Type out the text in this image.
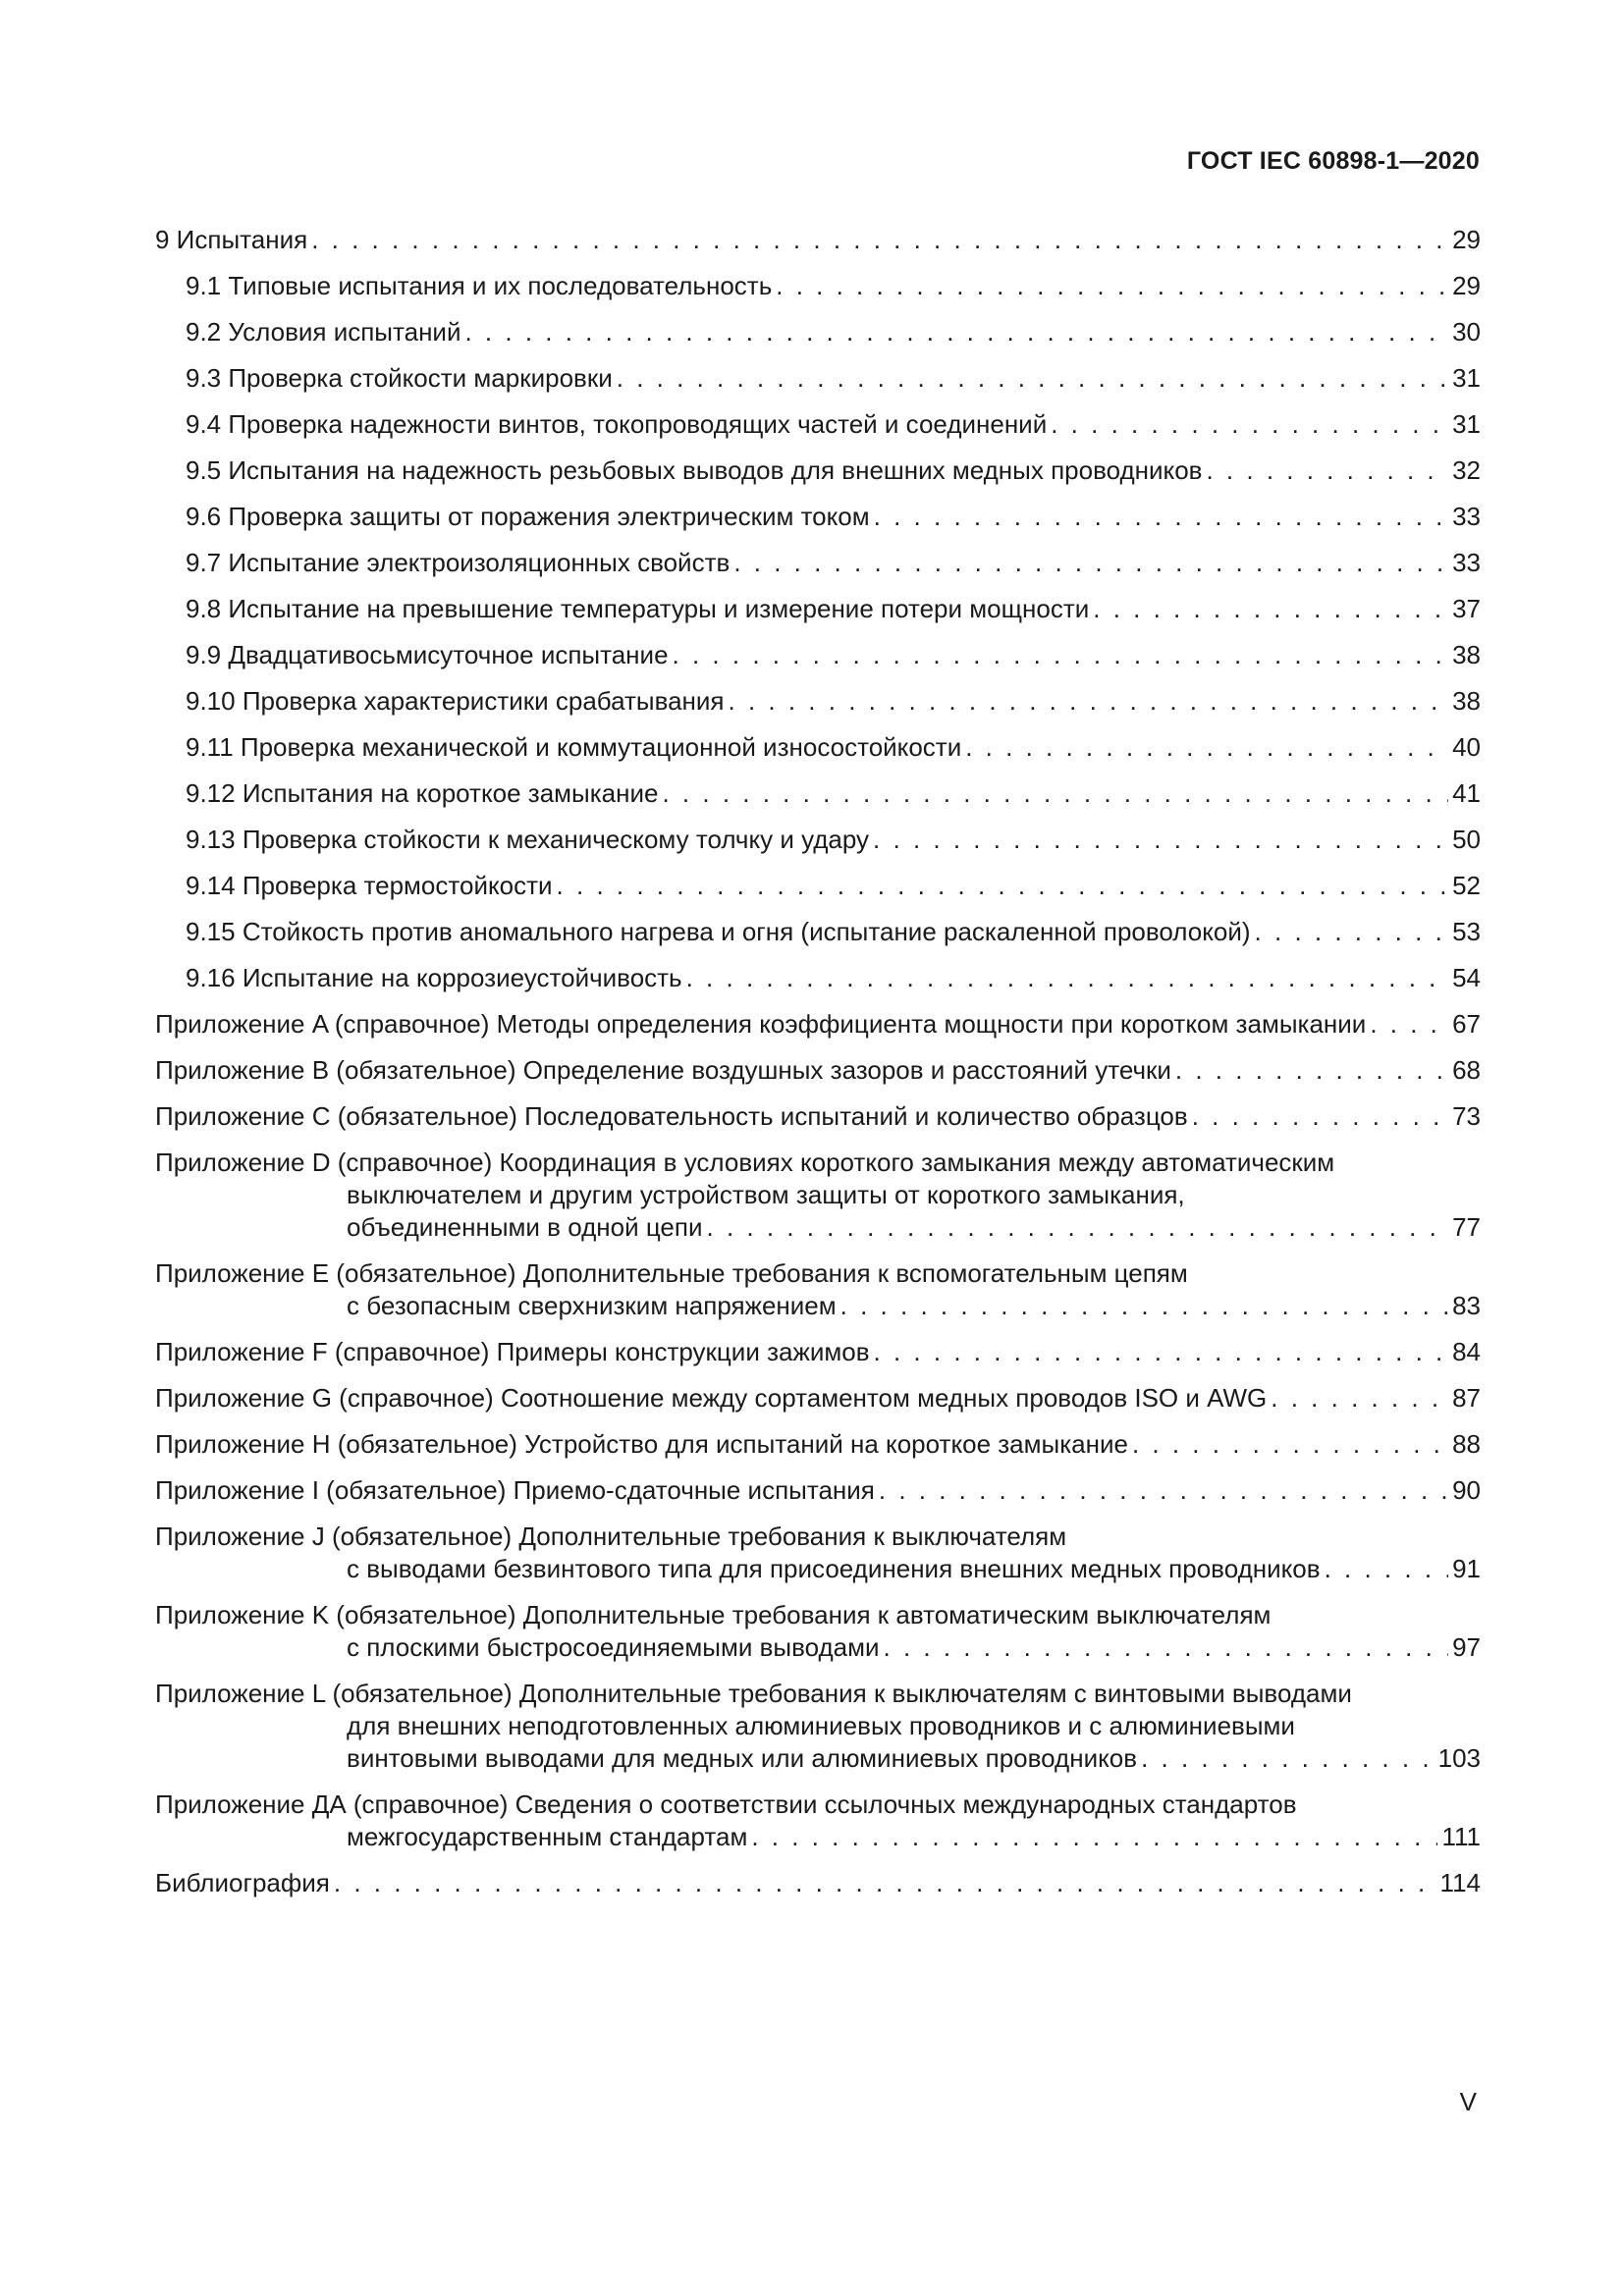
ГОСТ IEC 60898-1—2020
9 Испытания . . .	29
9.1 Типовые испытания и их последовательность . . .	29
9.2 Условия испытаний . . .	30
9.3 Проверка стойкости маркировки . . .	31
9.4 Проверка надежности винтов, токопроводящих частей и соединений . . .	31
9.5 Испытания на надежность резьбовых выводов для внешних медных проводников . . .	32
9.6 Проверка защиты от поражения электрическим током . . .	33
9.7 Испытание электроизоляционных свойств . . .	33
9.8 Испытание на превышение температуры и измерение потери мощности . . .	37
9.9 Двадцативосьмисуточное испытание . . .	38
9.10 Проверка характеристики срабатывания . . .	38
9.11 Проверка механической и коммутационной износостойкости . . .	40
9.12 Испытания на короткое замыкание . . .	41
9.13 Проверка стойкости к механическому толчку и удару . . .	50
9.14 Проверка термостойкости . . .	52
9.15 Стойкость против аномального нагрева и огня (испытание раскаленной проволокой) . . .	53
9.16 Испытание на коррозиеустойчивость . . .	54
Приложение A (справочное) Методы определения коэффициента мощности при коротком замыкании . . .	67
Приложение B (обязательное) Определение воздушных зазоров и расстояний утечки . . .	68
Приложение C (обязательное) Последовательность испытаний и количество образцов . . .	73
Приложение D (справочное) Координация в условиях короткого замыкания между автоматическим
выключателем и другим устройством защиты от короткого замыкания,
объединенными в одной цепи . . .	77
Приложение E (обязательное) Дополнительные требования к вспомогательным цепям
с безопасным сверхнизким напряжением . . .	83
Приложение F (справочное) Примеры конструкции зажимов . . .	84
Приложение G (справочное) Соотношение между сортаментом медных проводов ISO и AWG . . .	87
Приложение H (обязательное) Устройство для испытаний на короткое замыкание . . .	88
Приложение I (обязательное) Приемо-сдаточные испытания . . .	90
Приложение J (обязательное) Дополнительные требования к выключателям
с выводами безвинтового типа для присоединения внешних медных проводников . . .	91
Приложение K (обязательное) Дополнительные требования к автоматическим выключателям
с плоскими быстросоединяемыми выводами . . .	97
Приложение L (обязательное) Дополнительные требования к выключателям с винтовыми выводами
для внешних неподготовленных алюминиевых проводников и с алюминиевыми
винтовыми выводами для медных или алюминиевых проводников . . .	103
Приложение ДА (справочное) Сведения о соответствии ссылочных международных стандартов
межгосударственным стандартам . . .	111
Библиография . . .	114
V
